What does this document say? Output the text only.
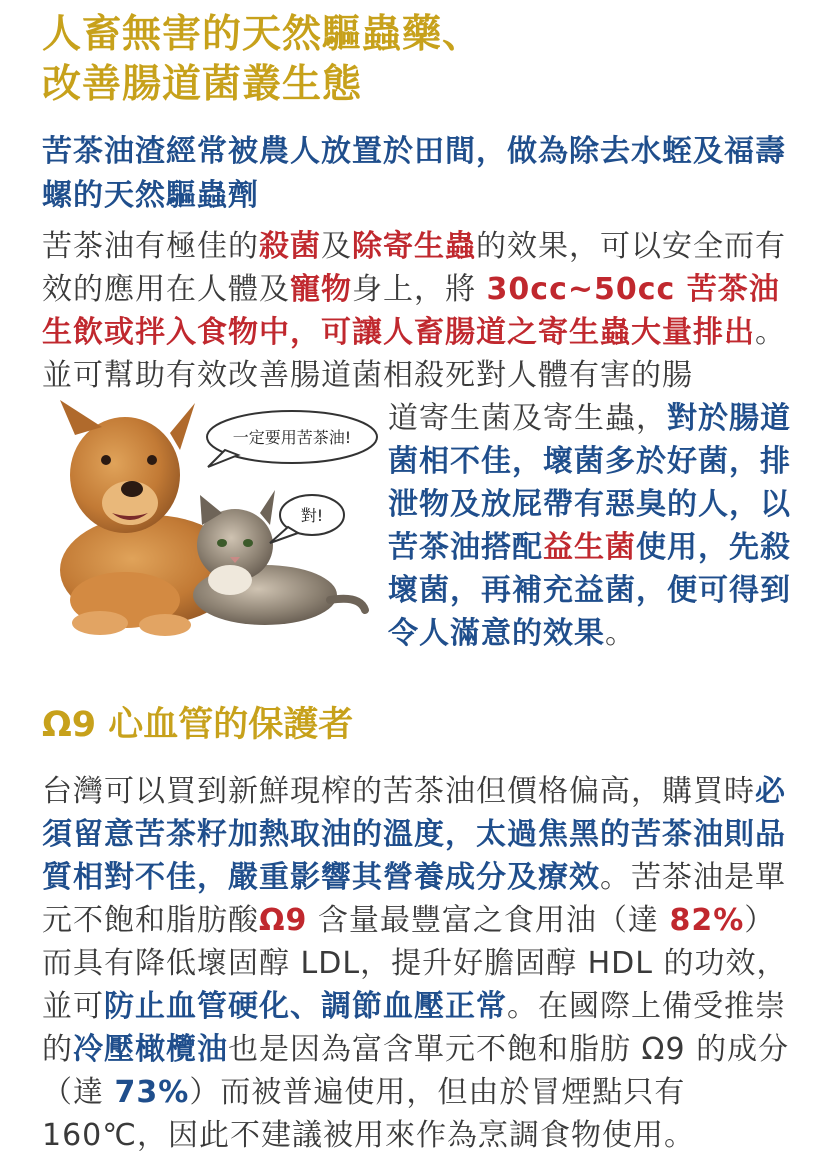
人畜無害的天然驅蟲藥、
改善腸道菌叢生態
苦茶油渣經常被農人放置於田間，做為除去水蛭及福壽螺的天然驅蟲劑
苦茶油有極佳的殺菌及除寄生蟲的效果，可以安全而有效的應用在人體及寵物身上，將 30cc~50cc 苦茶油生飲或拌入食物中，可讓人畜腸道之寄生蟲大量排出。並可幫助有效改善腸道菌相殺死對人體有害的腸
一定要用苦茶油!
對!
道寄生菌及寄生蟲，對於腸道菌相不佳，壞菌多於好菌，排泄物及放屁帶有惡臭的人，以苦茶油搭配益生菌使用，先殺壞菌，再補充益菌，便可得到令人滿意的效果。
Ω9 心血管的保護者
台灣可以買到新鮮現榨的苦茶油但價格偏高，購買時必須留意苦茶籽加熱取油的溫度，太過焦黑的苦茶油則品質相對不佳，嚴重影響其營養成分及療效。苦茶油是單元不飽和脂肪酸Ω9 含量最豐富之食用油（達 82%）而具有降低壞固醇 LDL，提升好膽固醇 HDL 的功效，並可防止血管硬化、調節血壓正常。在國際上備受推崇的冷壓橄欖油也是因為富含單元不飽和脂肪 Ω9 的成分（達 73%）而被普遍使用，但由於冒煙點只有 160℃，因此不建議被用來作為烹調食物使用。
